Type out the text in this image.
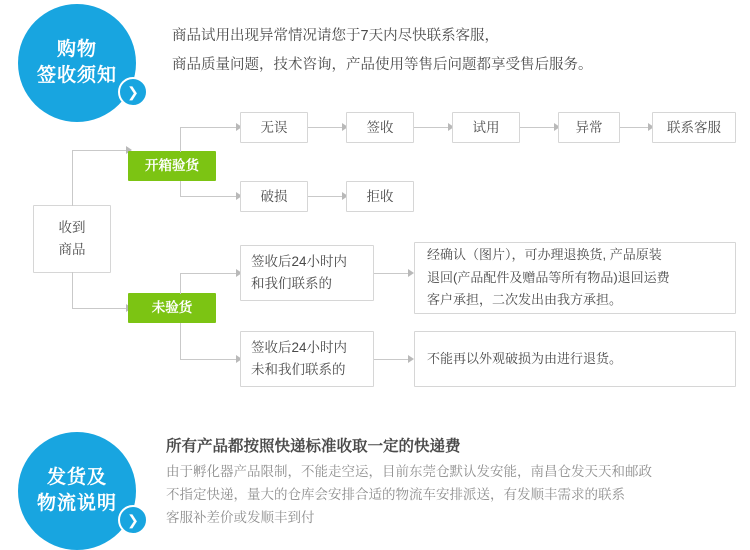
购物
签收须知
❯
商品试用出现异常情况请您于7天内尽快联系客服，
商品质量问题，技术咨询，产品使用等售后问题都享受售后服务。
收到
商品
开箱验货
未验货
无误	签收	试用	异常	联系客服
破损	拒收
签收后24小时内
和我们联系的
经确认（图片），可办理退换货, 产品原装
退回(产品配件及赠品等所有物品)退回运费
客户承担，二次发出由我方承担。
签收后24小时内
未和我们联系的
不能再以外观破损为由进行退货。
发货及
物流说明
❯
所有产品都按照快递标准收取一定的快递费
由于孵化器产品限制，不能走空运，目前东莞仓默认发安能，南昌仓发天天和邮政
不指定快递，量大的仓库会安排合适的物流车安排派送，有发顺丰需求的联系
客服补差价或发顺丰到付
